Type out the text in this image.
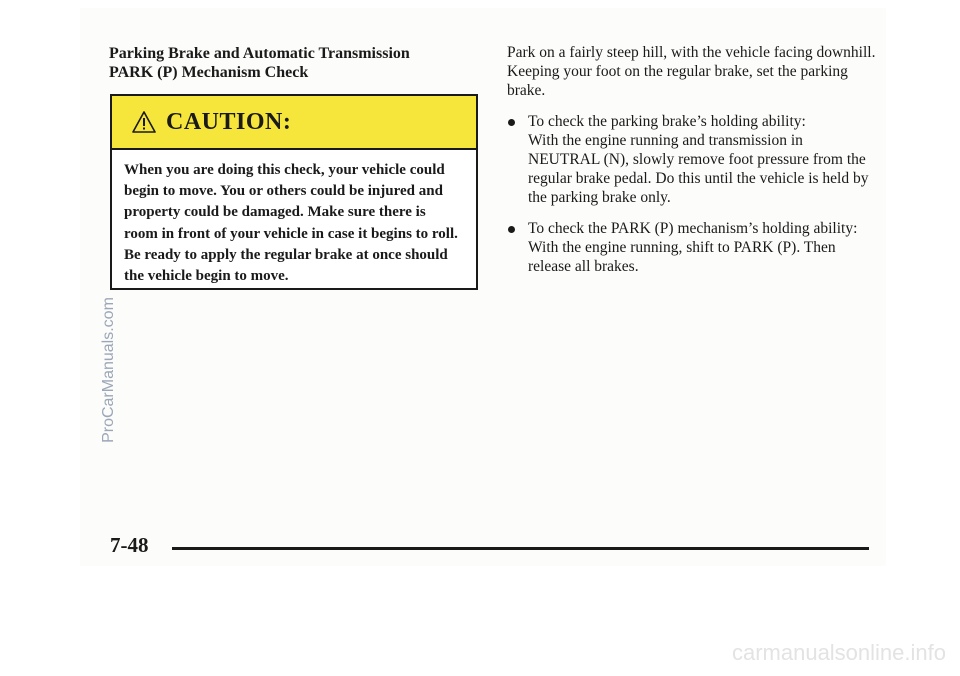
Parking Brake and Automatic Transmission
PARK (P) Mechanism Check
CAUTION:
When you are doing this check, your vehicle could begin to move. You or others could be injured and property could be damaged. Make sure there is room in front of your vehicle in case it begins to roll. Be ready to apply the regular brake at once should the vehicle begin to move.

Park on a fairly steep hill, with the vehicle facing downhill. Keeping your foot on the regular brake, set the parking brake.

To check the parking brake’s holding ability:
With the engine running and transmission in NEUTRAL (N), slowly remove foot pressure from the regular brake pedal. Do this until the vehicle is held by the parking brake only.
To check the PARK (P) mechanism’s holding ability:
With the engine running, shift to PARK (P). Then release all brakes.
7-48
ProCarManuals.com
carmanualsonline.info
